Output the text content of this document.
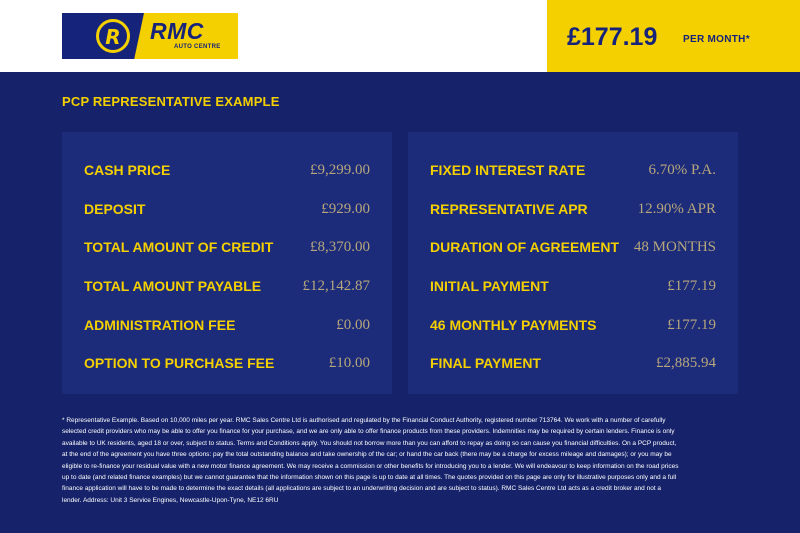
R RMC
AUTO CENTRE	£177.19	PER MONTH*
PCP REPRESENTATIVE EXAMPLE
CASH PRICE	£9,299.00
DEPOSIT	£929.00
TOTAL AMOUNT OF CREDIT £8,370.00
TOTAL AMOUNT PAYABLE	£12,142.87
ADMINISTRATION FEE	£0.00
OPTION TO PURCHASE FEE	£10.00
FIXED INTEREST RATE	6.70% P.A.
REPRESENTATIVE APR	12.90% APR
DURATION OF AGREEMENT 48 MONTHS
INITIAL PAYMENT	£177.19
46 MONTHLY PAYMENTS	£177.19
FINAL PAYMENT	£2,885.94
* Representative Example. Based on 10,000 miles per year. RMC Sales Centre Ltd is authorised and regulated by the Financial Conduct Authority, registered number 713764. We work with a number of carefully selected credit providers who may be able to offer you finance for your purchase, and we are only able to offer finance products from these providers. Indemnities may be required by certain lenders. Finance is only available to UK residents, aged 18 or over, subject to status. Terms and Conditions apply. You should not borrow more than you can afford to repay as doing so can cause you financial difficulties. On a PCP product, at the end of the agreement you have three options: pay the total outstanding balance and take ownership of the car; or hand the car back (there may be a charge for excess mileage and damages); or you may be eligible to re-finance your residual value with a new motor finance agreement. We may receive a commission or other benefits for introducing you to a lender. We will endeavour to keep information on the road prices up to date (and related finance examples) but we cannot guarantee that the information shown on this page is up to date at all times. The quotes provided on this page are only for illustrative purposes only and a full finance application will have to be made to determine the exact details (all applications are subject to an underwriting decision and are subject to status). RMC Sales Centre Ltd acts as a credit broker and not a lender. Address: Unit 3 Service Engines, Newcastle-Upon-Tyne, NE12 6RU
